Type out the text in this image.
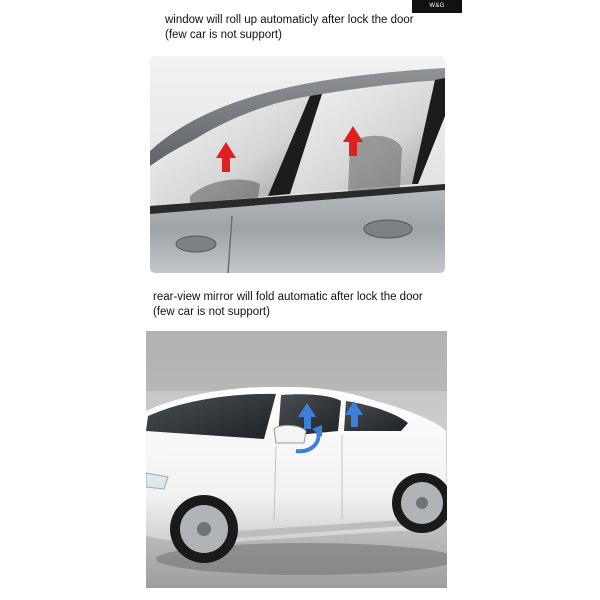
W&G
window will roll up automaticly after lock the door
(few car is not support)
rear-view mirror will fold automatic after lock the door
(few car is not support)
